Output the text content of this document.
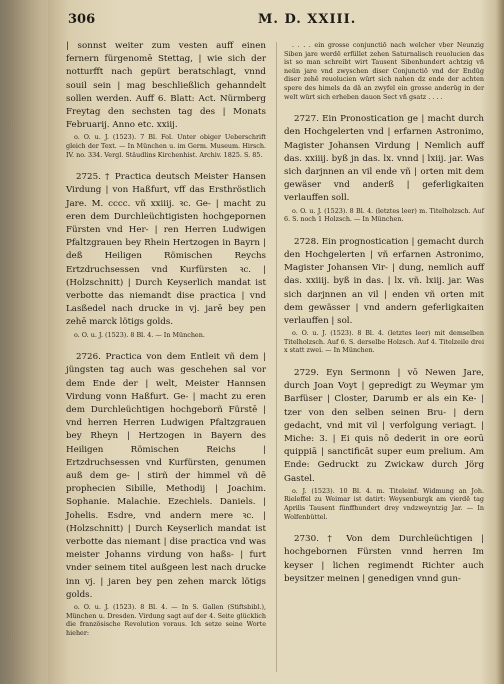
306	M. D. XXIII.

| sonnst weiter zum vesten auff einen fernern fürgenomē Stettag, | wie sich der notturfft nach gepürt beratschlagt, vnnd souil sein | mag beschließlich gehanndelt sollen werden. Auff 6. Blatt: Act. Nürmberg Freytag den sechsten tag des | Monats Februarij. Anno etc. xxiij.

o. O. u. J. (1523). 7 Bl. Fol. Unter obiger Ueberschrift gleich der Text. — In München u. im Germ. Museum. Hirsch. IV. no. 334. Vergl. Stäudlins Kirchenhist. Archiv. 1825. S. 85.

2725. † Practica deutsch Meister Hansen Virdung | von Haßfurt, vff das Ersthröstlich Jare. M. cccc. vñ xxiiij. ꝛc. Ge- | macht zu eren dem Durchleüchtigisten hochgepornen Fürsten vnd Her- | ren Herren Ludwigen Pfaltzgrauen bey Rhein Hertzogen in Bayrn | deß Heiligen Römischen Reychs Ertzdruchsessen vnd Kurfürsten ꝛc. | (Holzschnitt) | Durch Keyserlich mandat ist verbotte das niemandt dise practica | vnd Lasßedel nach drucke in vj. jarē bey pen zehē marck lötigs golds.

o. O. u. J. (1523). 8 Bl. 4. — In München.

2726. Practica von dem Entleit vñ dem | jüngsten tag auch was geschehen sal vor dem Ende der | welt, Meister Hannsen Virdung vonn Haßfurt. Ge- | macht zu eren dem Durchleüchtigen hochgeborñ Fürstē | vnd herren Herren Ludwigen Pfaltzgrauen bey Rheyn | Hertzogen in Bayern des Heiligen Römischen Reichs | Ertzdruchsessen vnd Kurfürsten, genumen auß dem ge- | stirñ der himmel vñ dē prophecien Sibille, Methodij | Joachim. Sophanie. Malachie. Ezechiels. Daniels. | Johelis. Esdre, vnd andern mere ꝛc. | (Holzschnitt) | Durch Keyserlich mandat ist verbotte das niemant | dise practica vnd was meister Johanns virdung von haßs- | furt vnder seinem titel außgeen lest nach drucke inn vj. | jaren bey pen zehen marck lötigs golds.

o. O. u. J. (1523). 8 Bl. 4. — In S. Gallen (Stiftsbibl.), München u. Dresden. Virdung sagt auf der 4. Seite glücklich die französische Revolution voraus. Ich setze seine Worte hieher:

. . . . ein grosse conjunctiō nach welcher vber Neunzig Siben jare werdē erfüllet zehen Saturnalisch reuolucien das ist so man schreibt wirt Tausent Sibenhundert achtzig vñ neün jare vnd zwyschen diser Conjunctiō vnd der Endūg diser zehē reuolucien würt sich nahen dz ende der achten spere des himels da dā an zwyfel ein grosse anderūg in der welt würt sich erheben dauon Sect vñ gsatz . . . .

2727. Ein Pronostication ge | macht durch den Hochgelerten vnd | erfarnen Astronimo, Magister Johansen Virdung | Nemlich auff das. xxiiij. byß jn das. lx. vnnd | lxiij. jar. Was sich darjnnen an vil ende vñ | orten mit dem gewäser vnd anderß | geferligkaiten verlauffen soll.

o. O. u. J. (1523). 8 Bl. 4. (letztes leer) m. Titelholzsch. Auf 6. S. noch 1 Holzsch. — In München.

2728. Ein prognostication | gemacht durch den Hochgelerten | vñ erfarnen Astronimo, Magister Johansen Vir- | dung, nemlich auff das. xxiiij. byß in das. | lx. vñ. lxiij. jar. Was sich darjnnen an vil | enden vñ orten mit dem gewässer | vnd andern geferligkaiten verlauffen | sol.

o. O. u. J. (1523). 8 Bl. 4. (letztes leer) mit demselben Titelholzsch. Auf 6. S. derselbe Holzsch. Auf 4. Titelzeile drei x statt zwei. — In München.

2729. Eyn Sermonn | vō Newen Jare, durch Joan Voyt | gepredigt zu Weymar ym Barfüser | Closter, Darumb er als ein Ke- | tzer von den selben seinen Bru- | dern gedacht, vnd mit vil | verfolgung veriagt. | Miche: 3. | Ei quis nō dederit in ore eorū quippiā | sanctificāt super eum prelium. Am Ende: Gedruckt zu Zwickaw durch Jörg Gastel.

o. J. (1523). 10 Bl. 4. m. Titeleinf. Widmung an Joh. Rieleffel zu Weimar ist datirt: Weysenburgk am vierdē tag Aprilis Tausent fünffhundert drey vndzweyntzig Jar. — In Wolfenbüttel.

2730. † Von dem Durchleüchtigen | hochgebornen Fürsten vnnd herren Im keyser | lichen regimendt Richter auch beysitzer meinen | genedigen vnnd gun-
